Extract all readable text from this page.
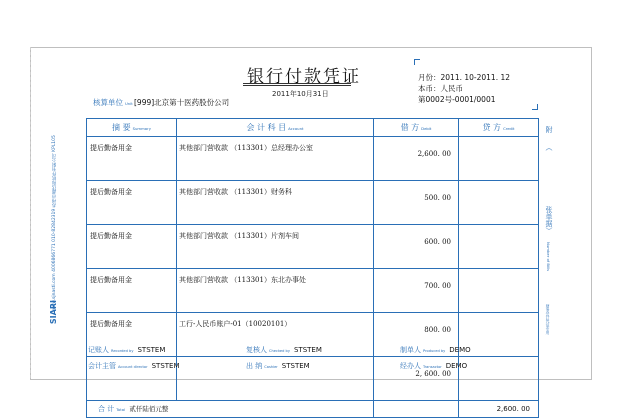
www.sjnasti.com 4006866771 010-82842319 苏州市鑫达和软件有限公司 KPL105
SIARI
银行付款凭证
2011年10月31日
月份：2011. 10-2011. 12
本币：人民币
第0002号-0001/0001
核算单位 Unit [999]北京第十医药股份公司
摘 要 Summary	会 计 科 目 Account	借 方 Debit	贷 方 Credit
提后勤备用金	其他部门营收款 （113301）总经理办公室	2,600. 00	
提后勤备用金	其他部门营收款 （113301）财务科	500. 00	
提后勤备用金	其他部门营收款 （113301）片剂车间	600. 00	
提后勤备用金	其他部门营收款 （113301）东北办事处	700. 00	
提后勤备用金	工行-人民币账户-01（10020101）	800. 00	
		2, 600. 00	
合 计 Total 贰仟陆佰元整			2,600. 00
附
（
张单据）
Number of Bills
财务会计凭证专用
记账人 Recorded by STSTEM	复核人 Checked by STSTEM	制单人 Produced by DEMO
会计主管 Account director STSTEM	出 纳 Cashier STSTEM	经办人 Transactor DEMO
